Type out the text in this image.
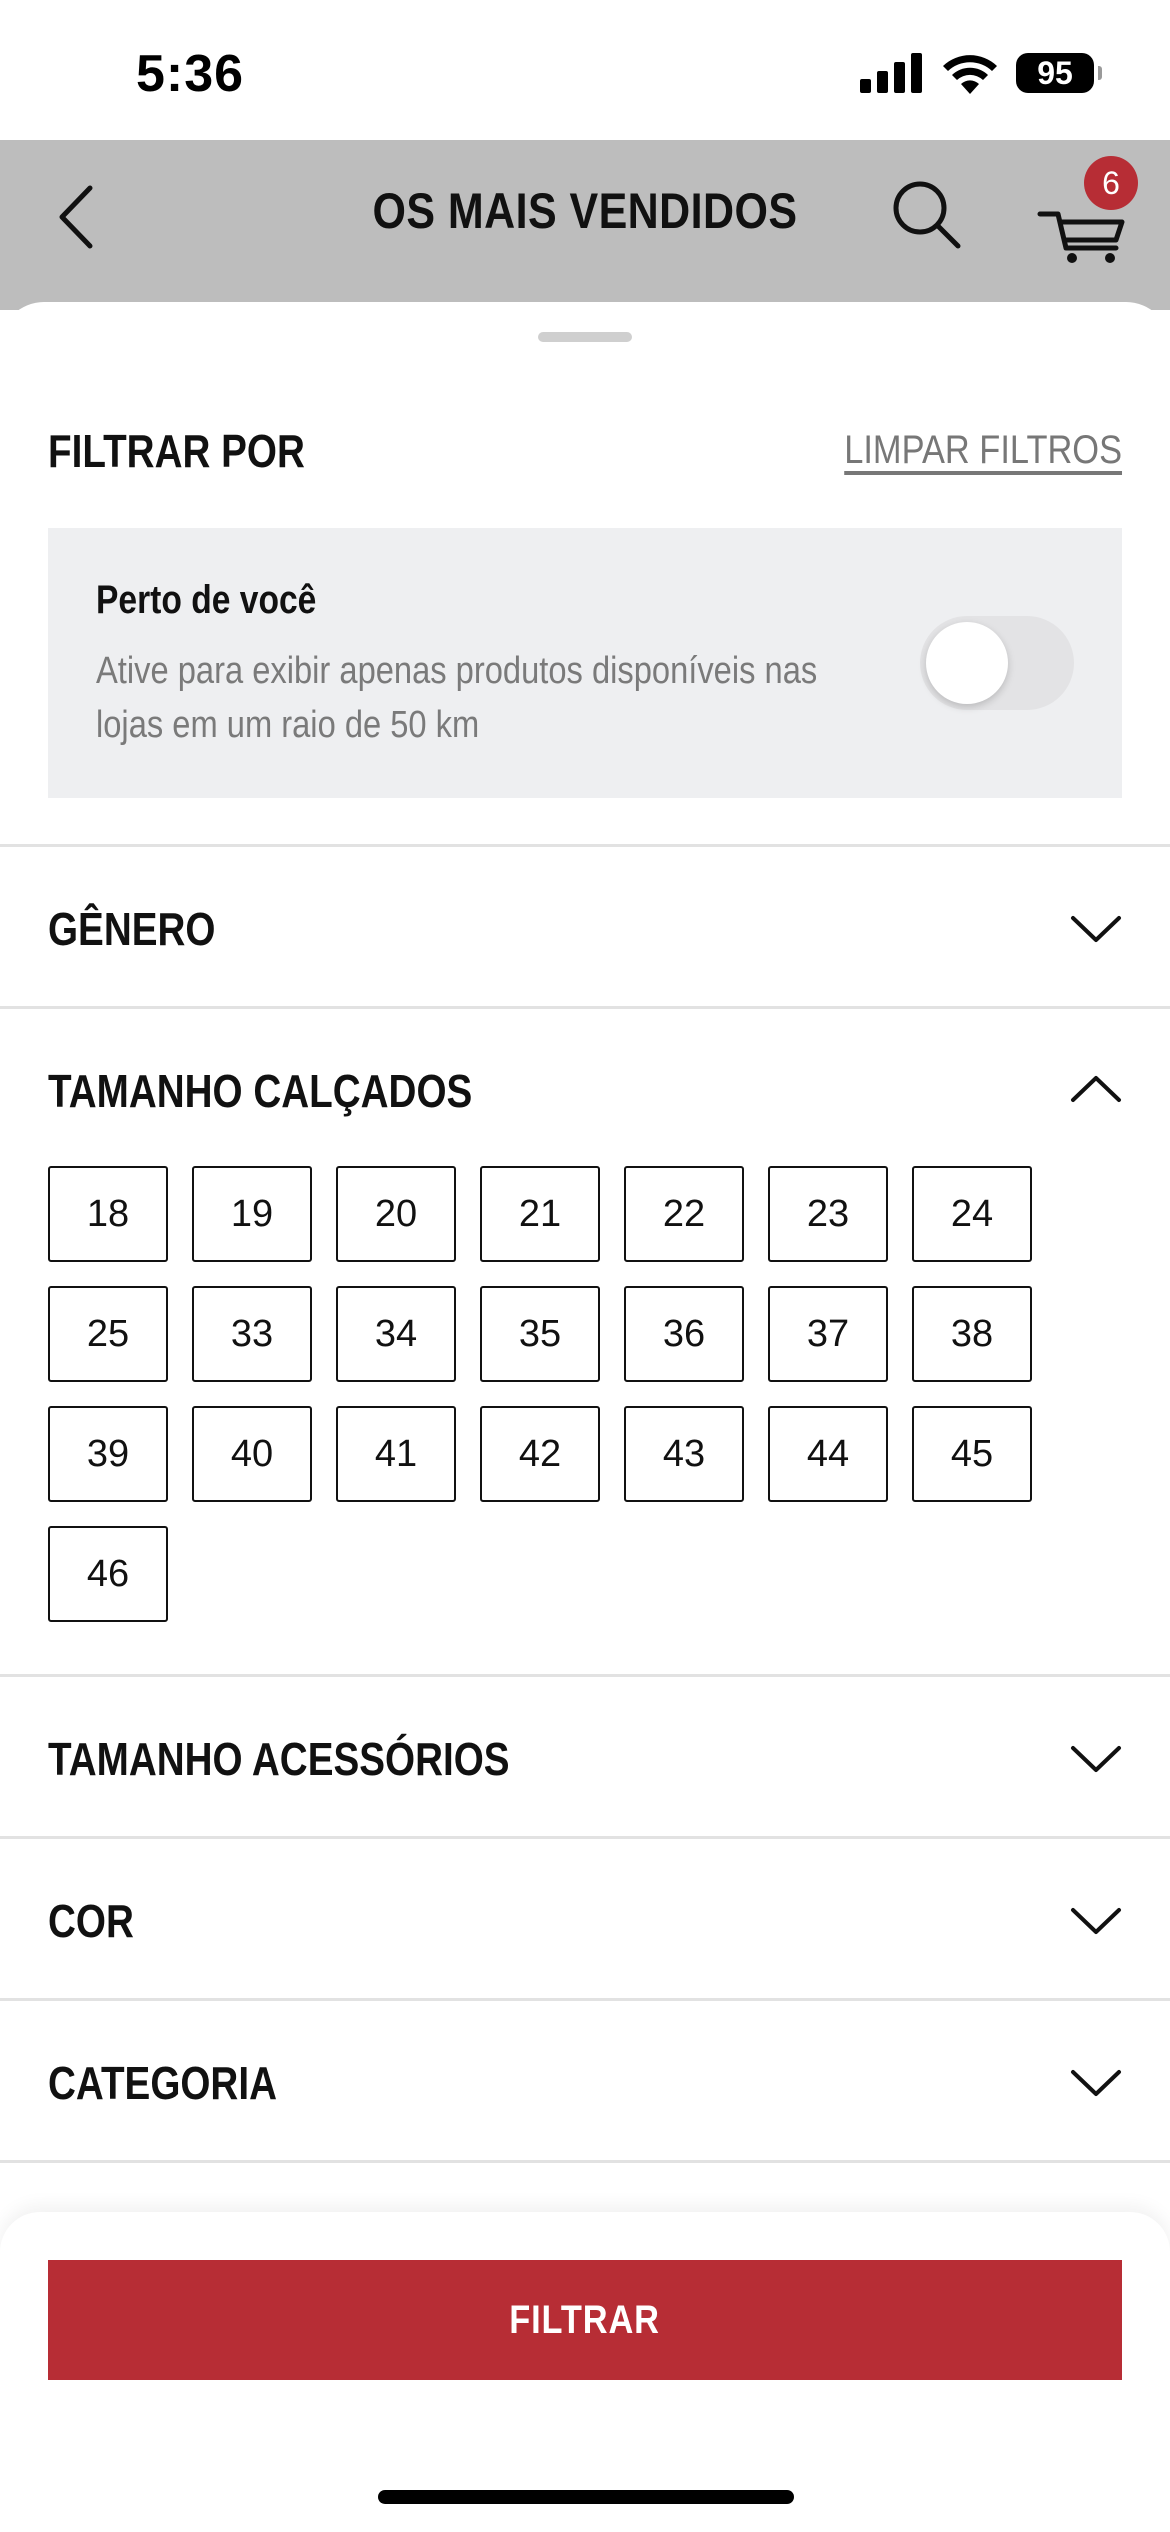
5:36	95
OS MAIS VENDIDOS
6
FILTRAR POR	LIMPAR FILTROS
Perto de você
Ative para exibir apenas produtos disponíveis nas lojas em um raio de 50 km
GÊNERO
TAMANHO CALÇADOS
18	19	20	21	22	23	24
25	33	34	35	36	37	38
39	40	41	42	43	44	45
46
TAMANHO ACESSÓRIOS
COR
CATEGORIA
FILTRAR
